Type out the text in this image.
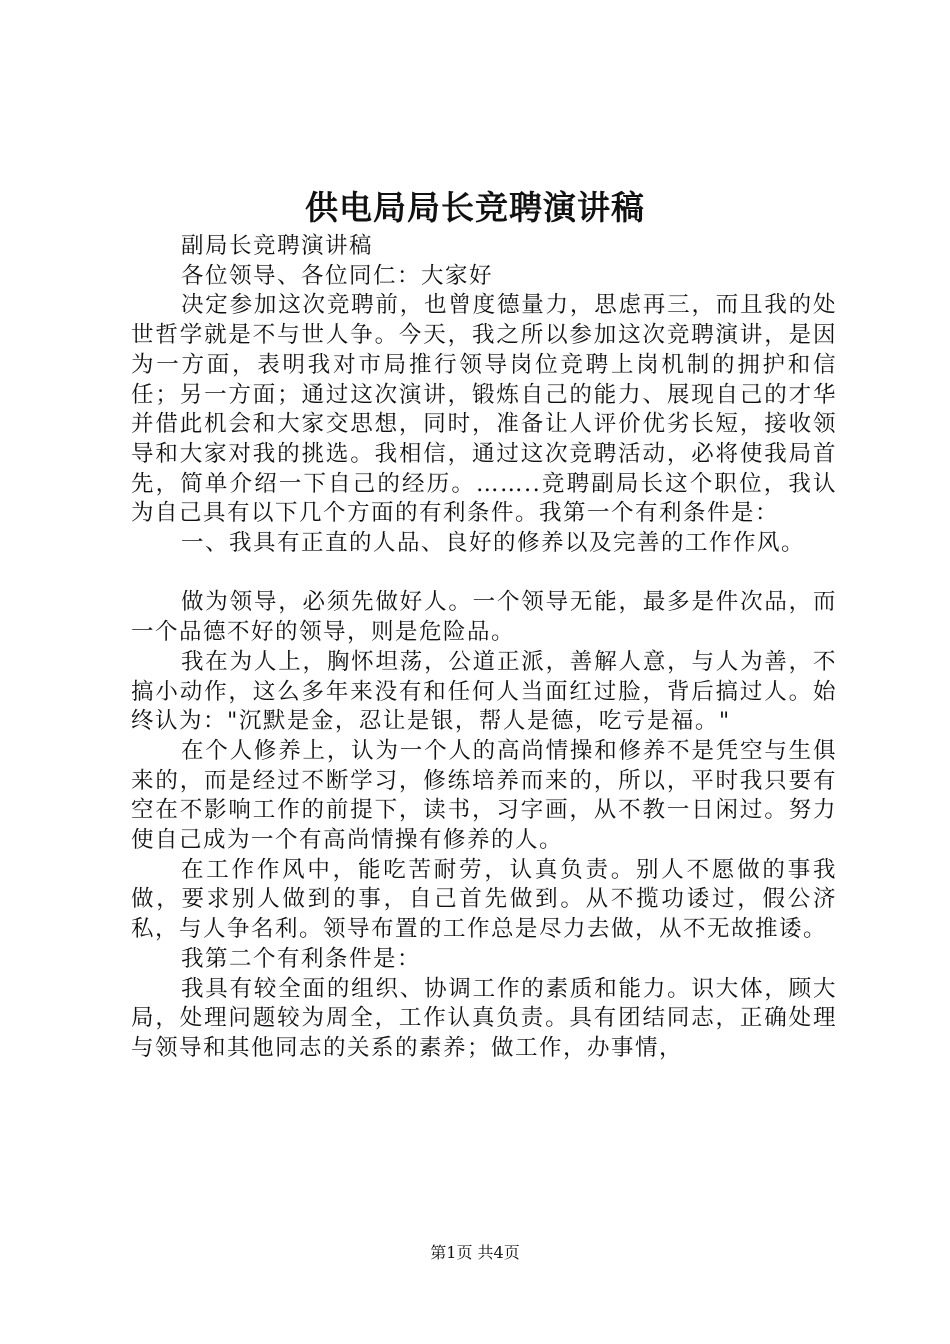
供电局局长竞聘演讲稿

副局长竞聘演讲稿

各位领导、各位同仁：大家好

决定参加这次竞聘前，也曾度德量力，思虑再三，而且我的处世哲学就是不与世人争。今天，我之所以参加这次竞聘演讲，是因为一方面，表明我对市局推行领导岗位竞聘上岗机制的拥护和信任；另一方面；通过这次演讲，锻炼自己的能力、展现自己的才华并借此机会和大家交思想，同时，准备让人评价优劣长短，接收领导和大家对我的挑选。我相信，通过这次竞聘活动，必将使我局首先，简单介绍一下自己的经历。……..竞聘副局长这个职位，我认为自己具有以下几个方面的有利条件。我第一个有利条件是：

一、我具有正直的人品、良好的修养以及完善的工作作风。

做为领导，必须先做好人。一个领导无能，最多是件次品，而一个品德不好的领导，则是危险品。

我在为人上，胸怀坦荡，公道正派，善解人意，与人为善，不搞小动作，这么多年来没有和任何人当面红过脸，背后搞过人。始终认为："沉默是金，忍让是银，帮人是德，吃亏是福。"

在个人修养上，认为一个人的高尚情操和修养不是凭空与生俱来的，而是经过不断学习，修练培养而来的，所以，平时我只要有空在不影响工作的前提下，读书，习字画，从不教一日闲过。努力使自己成为一个有高尚情操有修养的人。

在工作作风中，能吃苦耐劳，认真负责。别人不愿做的事我做，要求别人做到的事，自己首先做到。从不揽功诿过，假公济私，与人争名利。领导布置的工作总是尽力去做，从不无故推诿。

我第二个有利条件是：

我具有较全面的组织、协调工作的素质和能力。识大体，顾大局，处理问题较为周全，工作认真负责。具有团结同志，正确处理与领导和其他同志的关系的素养；做工作，办事情，

第1页 共4页
